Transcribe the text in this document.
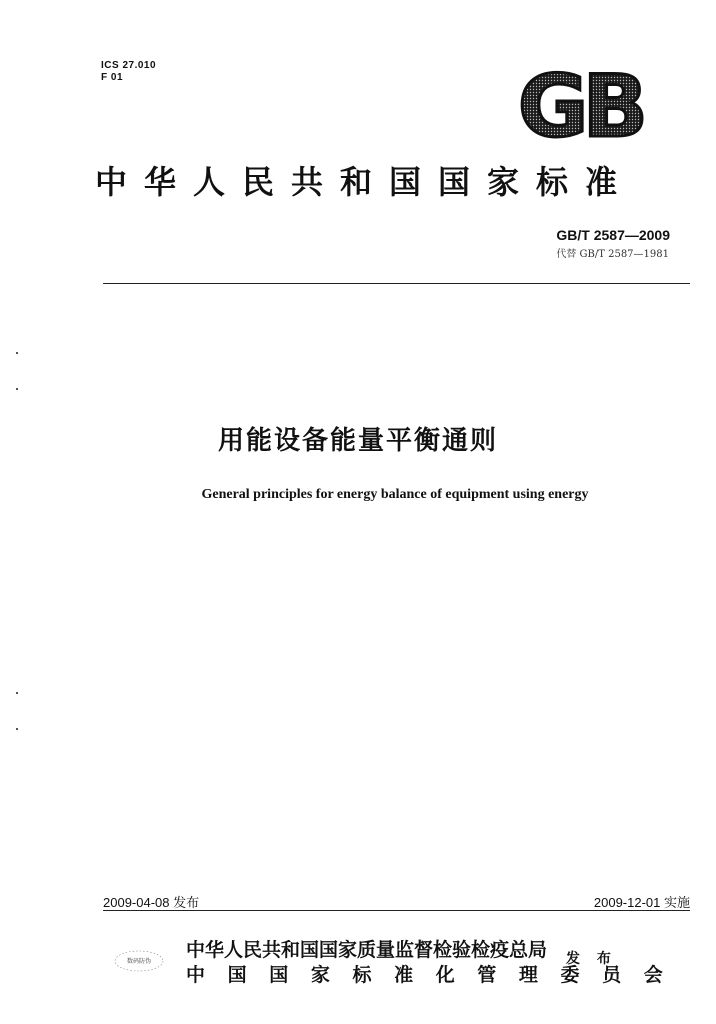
ICS 27.010
F 01	GB
中华人民共和国国家标准
GB/T 2587—2009
代替 GB/T 2587—1981
用能设备能量平衡通则
General principles for energy balance of equipment using energy
2009-04-08 发布	2009-12-01 实施
数码防伪
中华人民共和国国家质量监督检验检疫总局
中 国 国 家 标 准 化 管 理 委 员 会
发 布
